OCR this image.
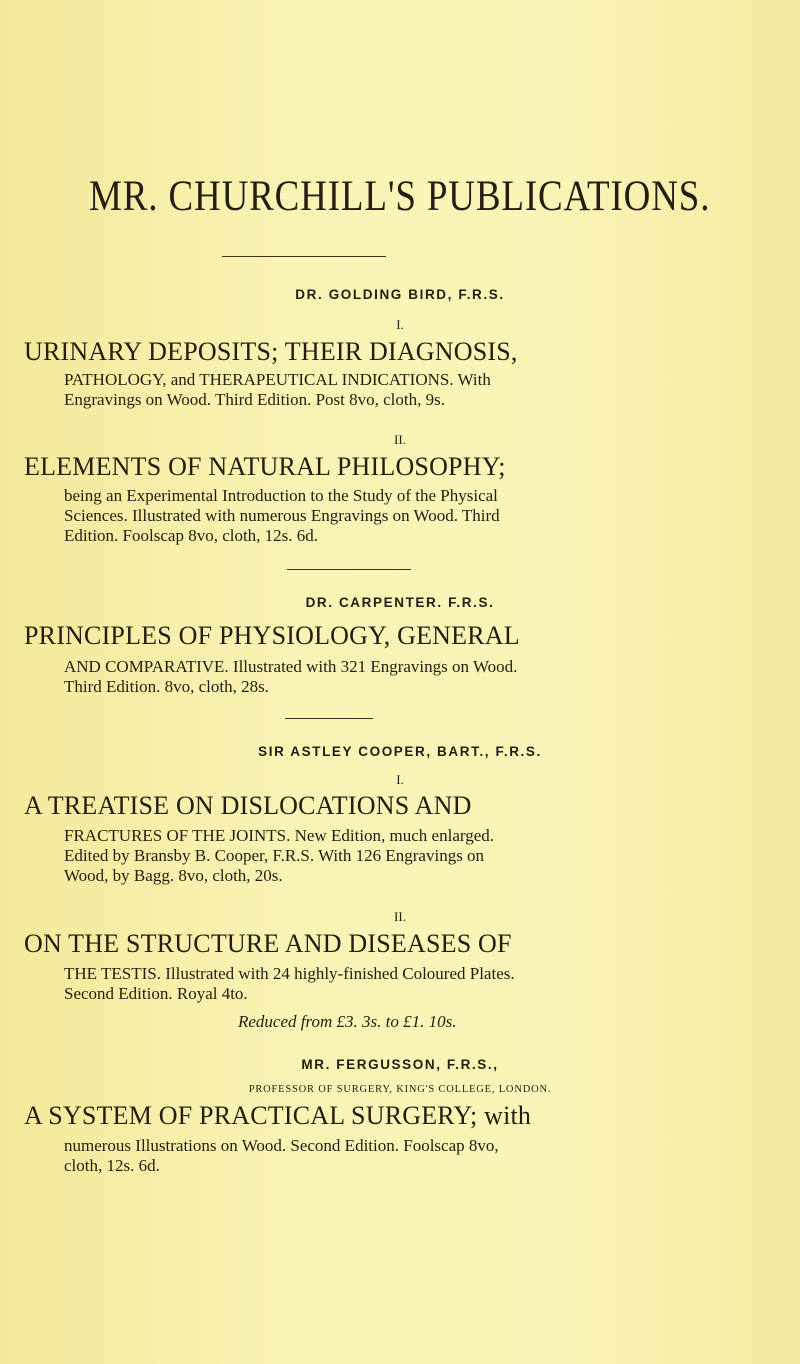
MR. CHURCHILL'S PUBLICATIONS.

DR. GOLDING BIRD, F.R.S.

I.

URINARY DEPOSITS; THEIR DIAGNOSIS,

PATHOLOGY, and THERAPEUTICAL INDICATIONS. With
Engravings on Wood. Third Edition. Post 8vo, cloth, 9s.

II.

ELEMENTS OF NATURAL PHILOSOPHY;

being an Experimental Introduction to the Study of the Physical
Sciences. Illustrated with numerous Engravings on Wood. Third
Edition. Foolscap 8vo, cloth, 12s. 6d.

DR. CARPENTER. F.R.S.

PRINCIPLES OF PHYSIOLOGY, GENERAL

AND COMPARATIVE. Illustrated with 321 Engravings on Wood.
Third Edition. 8vo, cloth, 28s.

SIR ASTLEY COOPER, BART., F.R.S.

I.

A TREATISE ON DISLOCATIONS AND

FRACTURES OF THE JOINTS. New Edition, much enlarged.
Edited by Bransby B. Cooper, F.R.S. With 126 Engravings on
Wood, by Bagg. 8vo, cloth, 20s.

II.

ON THE STRUCTURE AND DISEASES OF

THE TESTIS. Illustrated with 24 highly-finished Coloured Plates.
Second Edition. Royal 4to.

Reduced from £3. 3s. to £1. 10s.

MR. FERGUSSON, F.R.S.,

PROFESSOR OF SURGERY, KING'S COLLEGE, LONDON.

A SYSTEM OF PRACTICAL SURGERY; with

numerous Illustrations on Wood. Second Edition. Foolscap 8vo,
cloth, 12s. 6d.
